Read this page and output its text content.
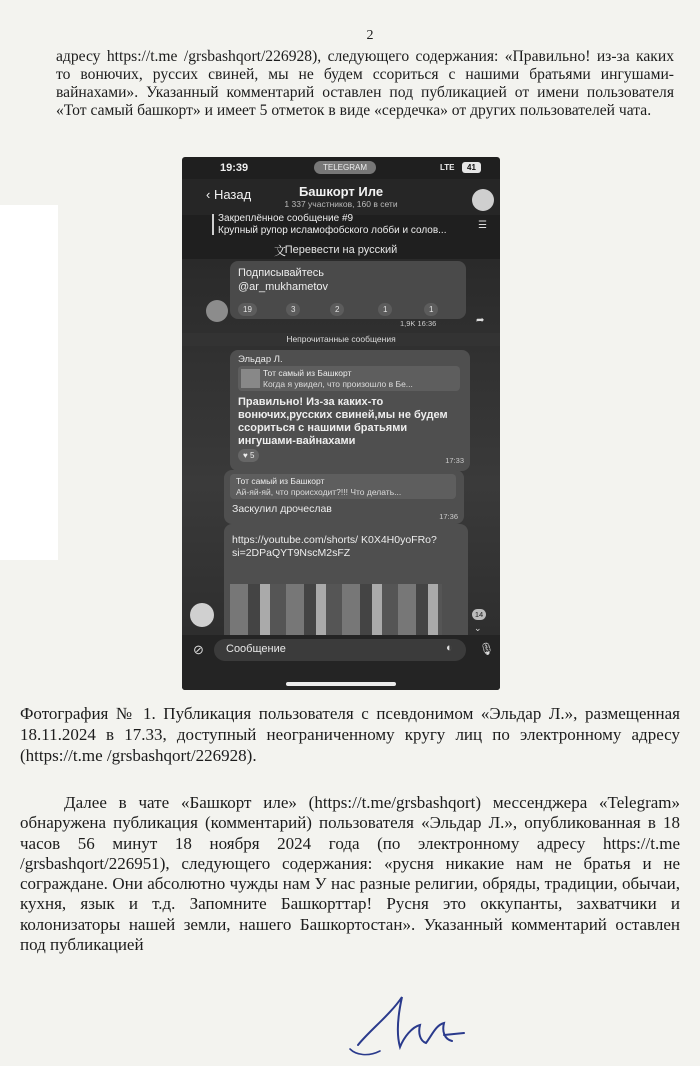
2

адресу https://t.me /grsbashqort/226928), следующего содержания: «Правильно! из-за каких то вонючих, руссих свиней, мы не будем ссориться с нашими братьями ингушами-вайнахами». Указанный комментарий оставлен под публикацией от имени пользователя «Тот самый башкорт» и имеет 5 отметок в виде «сердечка» от других пользователей чата.

19:39	TELEGRAM	LTE	41
‹ Назад	Башкорт Иле
1 337 участников, 160 в сети
Закреплённое сообщение #9
Крупный рупор исламофобского лобби и солов...	☰
文
Перевести на русский
Подписывайтесь
@ar_mukhametov
19	3	2	1	1
1,9K 16:36	➦
Непрочитанные сообщения
Эльдар Л.
Тот самый из Башкорт
Когда я увидел, что произошло в Бе...
Правильно! Из-за каких-то вонючих,русских свиней,мы не будем ссориться с нашими братьями ингушами-вайнахами
♥ 5
17:33
Тот самый из Башкорт
Ай-яй-яй, что происходит?!!! Что делать...
Заскулил дрочеслав
17:36
https://youtube.com/shorts/ K0X4H0yoFRo? si=2DPaQYT9NscM2sFZ
14
⌄
⊘ Сообщение	◐ 🎙

Фотография № 1. Публикация пользователя с псевдонимом «Эльдар Л.», размещенная 18.11.2024 в 17.33, доступный неограниченному кругу лиц по электронному адресу (https://t.me /grsbashqort/226928).

Далее в чате «Башкорт иле» (https://t.me/grsbashqort) мессенджера «Telegram» обнаружена публикация (комментарий) пользователя «Эльдар Л.», опубликованная в 18 часов 56 минут 18 ноября 2024 года (по электронному адресу https://t.me /grsbashqort/226951), следующего содержания: «русня никакие нам не братья и не сограждане. Они абсолютно чужды нам У нас разные религии, обряды, традиции, обычаи, кухня, язык и т.д. Запомните Башкорттар! Русня это оккупанты, захватчики и колонизаторы нашей земли, нашего Башкортостан». Указанный комментарий оставлен под публикацией
